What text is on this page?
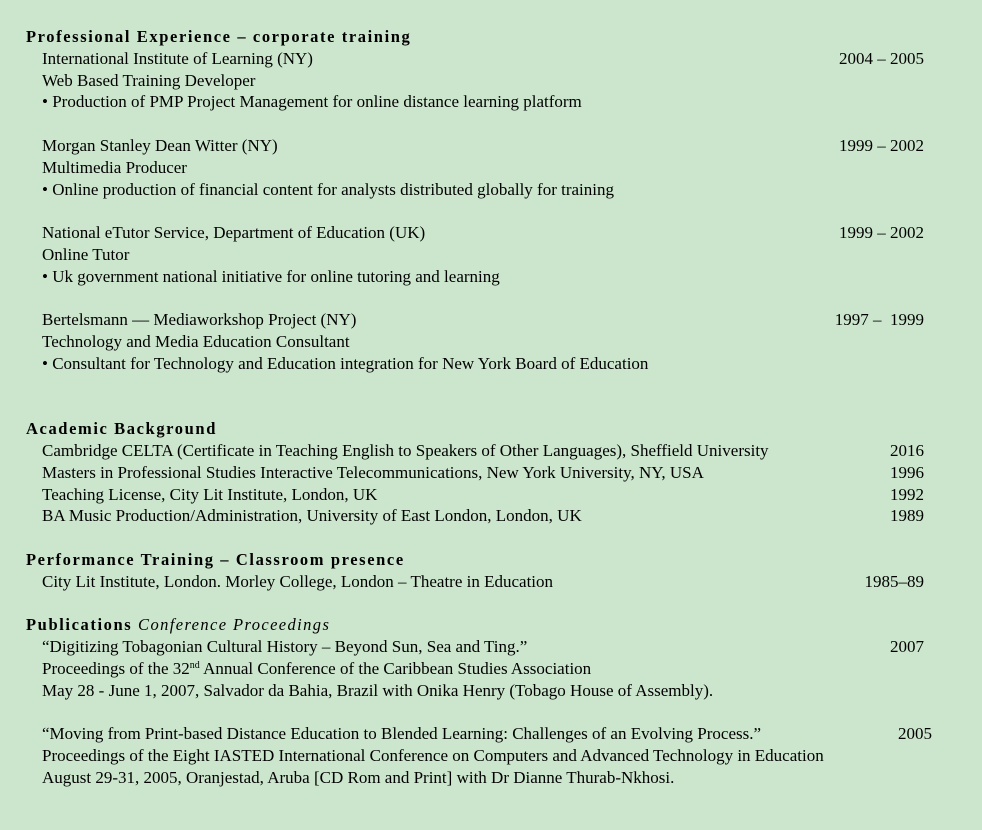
Professional Experience – corporate training
International Institute of Learning (NY)	2004 – 2005
Web Based Training Developer
• Production of PMP Project Management for online distance learning platform
Morgan Stanley Dean Witter (NY)	1999 – 2002
Multimedia Producer
• Online production of financial content for analysts distributed globally for training
National eTutor Service, Department of Education (UK)	1999 – 2002
Online Tutor
• Uk government national initiative for online tutoring and learning
Bertelsmann — Mediaworkshop Project (NY)	1997 –  1999
Technology and Media Education Consultant
• Consultant for Technology and Education integration for New York Board of Education
Academic Background
Cambridge CELTA (Certificate in Teaching English to Speakers of Other Languages), Sheffield University	2016
Masters in Professional Studies Interactive Telecommunications, New York University, NY, USA	1996
Teaching License, City Lit Institute, London, UK	1992
BA Music Production/Administration, University of East London, London, UK	1989
Performance Training – Classroom presence
City Lit Institute, London. Morley College, London – Theatre in Education	1985–89
Publications Conference Proceedings
“Digitizing Tobagonian Cultural History – Beyond Sun, Sea and Ting.”	2007
Proceedings of the 32nd Annual Conference of the Caribbean Studies Association
May 28 - June 1, 2007, Salvador da Bahia, Brazil with Onika Henry (Tobago House of Assembly).
“Moving from Print-based Distance Education to Blended Learning: Challenges of an Evolving Process.”	2005
Proceedings of the Eight IASTED International Conference on Computers and Advanced Technology in Education
August 29-31, 2005, Oranjestad, Aruba [CD Rom and Print] with Dr Dianne Thurab-Nkhosi.
